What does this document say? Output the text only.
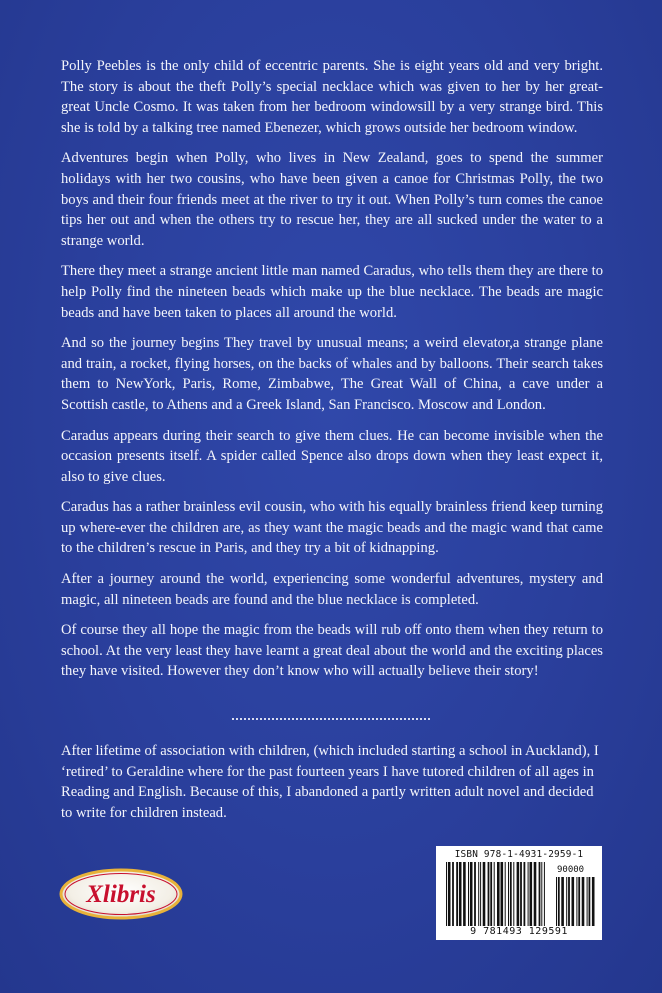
Polly Peebles is the only child of eccentric parents. She is eight years old and very bright. The story is about the theft Polly’s special necklace which was given to her by her great-great Uncle Cosmo. It was taken from her bedroom windowsill by a very strange bird. This she is told by a talking tree named Ebenezer, which grows outside her bedroom window.

Adventures begin when Polly, who lives in New Zealand, goes to spend the summer holidays with her two cousins, who have been given a canoe for Christmas Polly, the two boys and their four friends meet at the river to try it out. When Polly’s turn comes the canoe tips her out and when the others try to rescue her, they are all sucked under the water to a strange world.

There they meet a strange ancient little man named Caradus, who tells them they are there to help Polly find the nineteen beads which make up the blue necklace. The beads are magic beads and have been taken to places all around the world.

And so the journey begins They travel by unusual means; a weird elevator,a strange plane and train, a rocket, flying horses, on the backs of whales and by balloons. Their search takes them to NewYork, Paris, Rome, Zimbabwe, The Great Wall of China, a cave under a Scottish castle, to Athens and a Greek Island, San Francisco. Moscow and London.

Caradus appears during their search to give them clues. He can become invisible when the occasion presents itself. A spider called Spence also drops down when they least expect it, also to give clues.

Caradus has a rather brainless evil cousin, who with his equally brainless friend keep turning up where-ever the children are, as they want the magic beads and the magic wand that came to the children’s rescue in Paris, and they try a bit of kidnapping.

After a journey around the world, experiencing some wonderful adventures, mystery and magic, all nineteen beads are found and the blue necklace is completed.

Of course they all hope the magic from the beads will rub off onto them when they return to school. At the very least they have learnt a great deal about the world and the exciting places they have visited. However they don’t know who will actually believe their story!

After lifetime of association with children, (which included starting a school in Auckland), I ‘retired’ to Geraldine where for the past fourteen years I have tutored children of all ages in Reading and English. Because of this, I abandoned a partly written adult novel and decided to write for children instead.

Xlibris
ISBN 978-1-4931-2959-1
90000
9 781493 129591
